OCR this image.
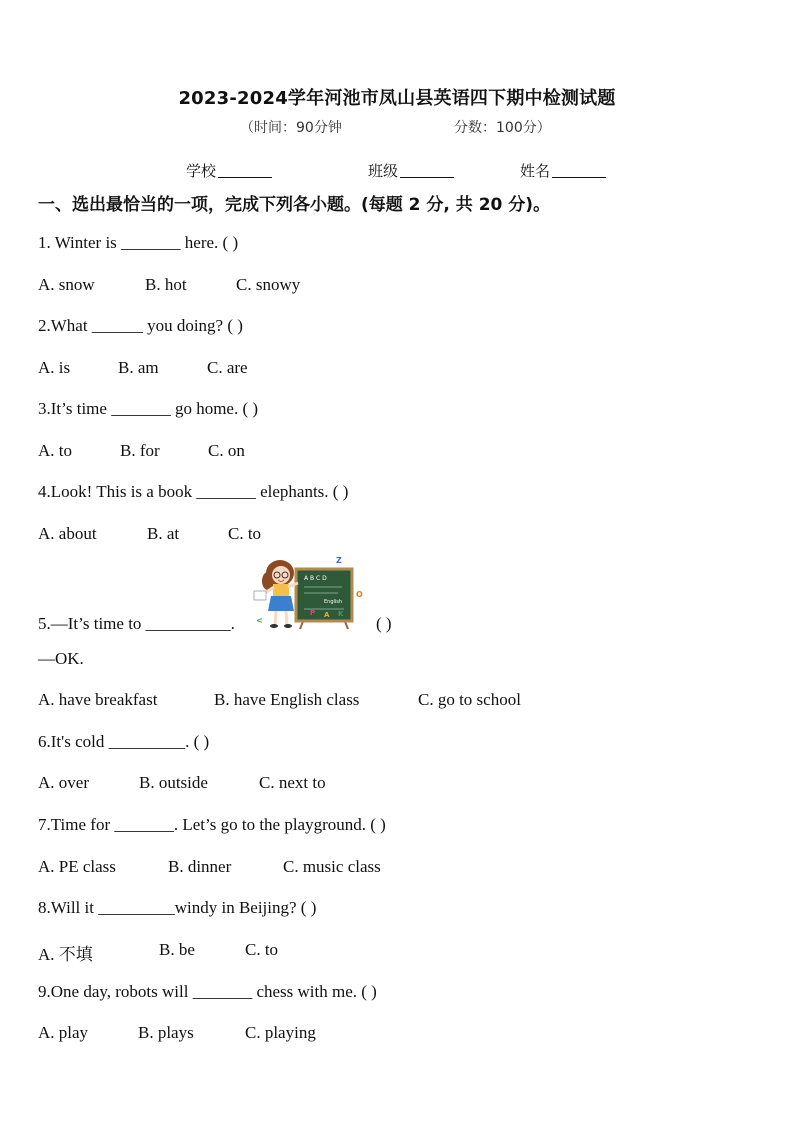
2023-2024学年河池市凤山县英语四下期中检测试题
（时间：90分钟	分数：100分）
学校	班级	姓名
一、选出最恰当的一项，完成下列各小题。(每题 2 分, 共 20 分)。
1. Winter is _______ here. ( )
A. snow	B. hot	C. snowy
2.What ______ you doing? ( )
A. is	B. am	C. are
3.It’s time _______ go home. ( )
A. to	B. for	C. on
4.Look! This is a book _______ elephants. ( )
A. about	B. at	C. to
5.—It’s time to __________.
A B C D
English
Z
O
P A K
<	( )
—OK.
A. have breakfast	B. have English class	C. go to school
6.It's cold _________. ( )
A. over	B. outside	C. next to
7.Time for _______. Let’s go to the playground. ( )
A. PE class	B. dinner	C. music class
8.Will it _________windy in Beijing? ( )
A. 不填	B. be	C. to
9.One day, robots will _______ chess with me. ( )
A. play	B. plays	C. playing
